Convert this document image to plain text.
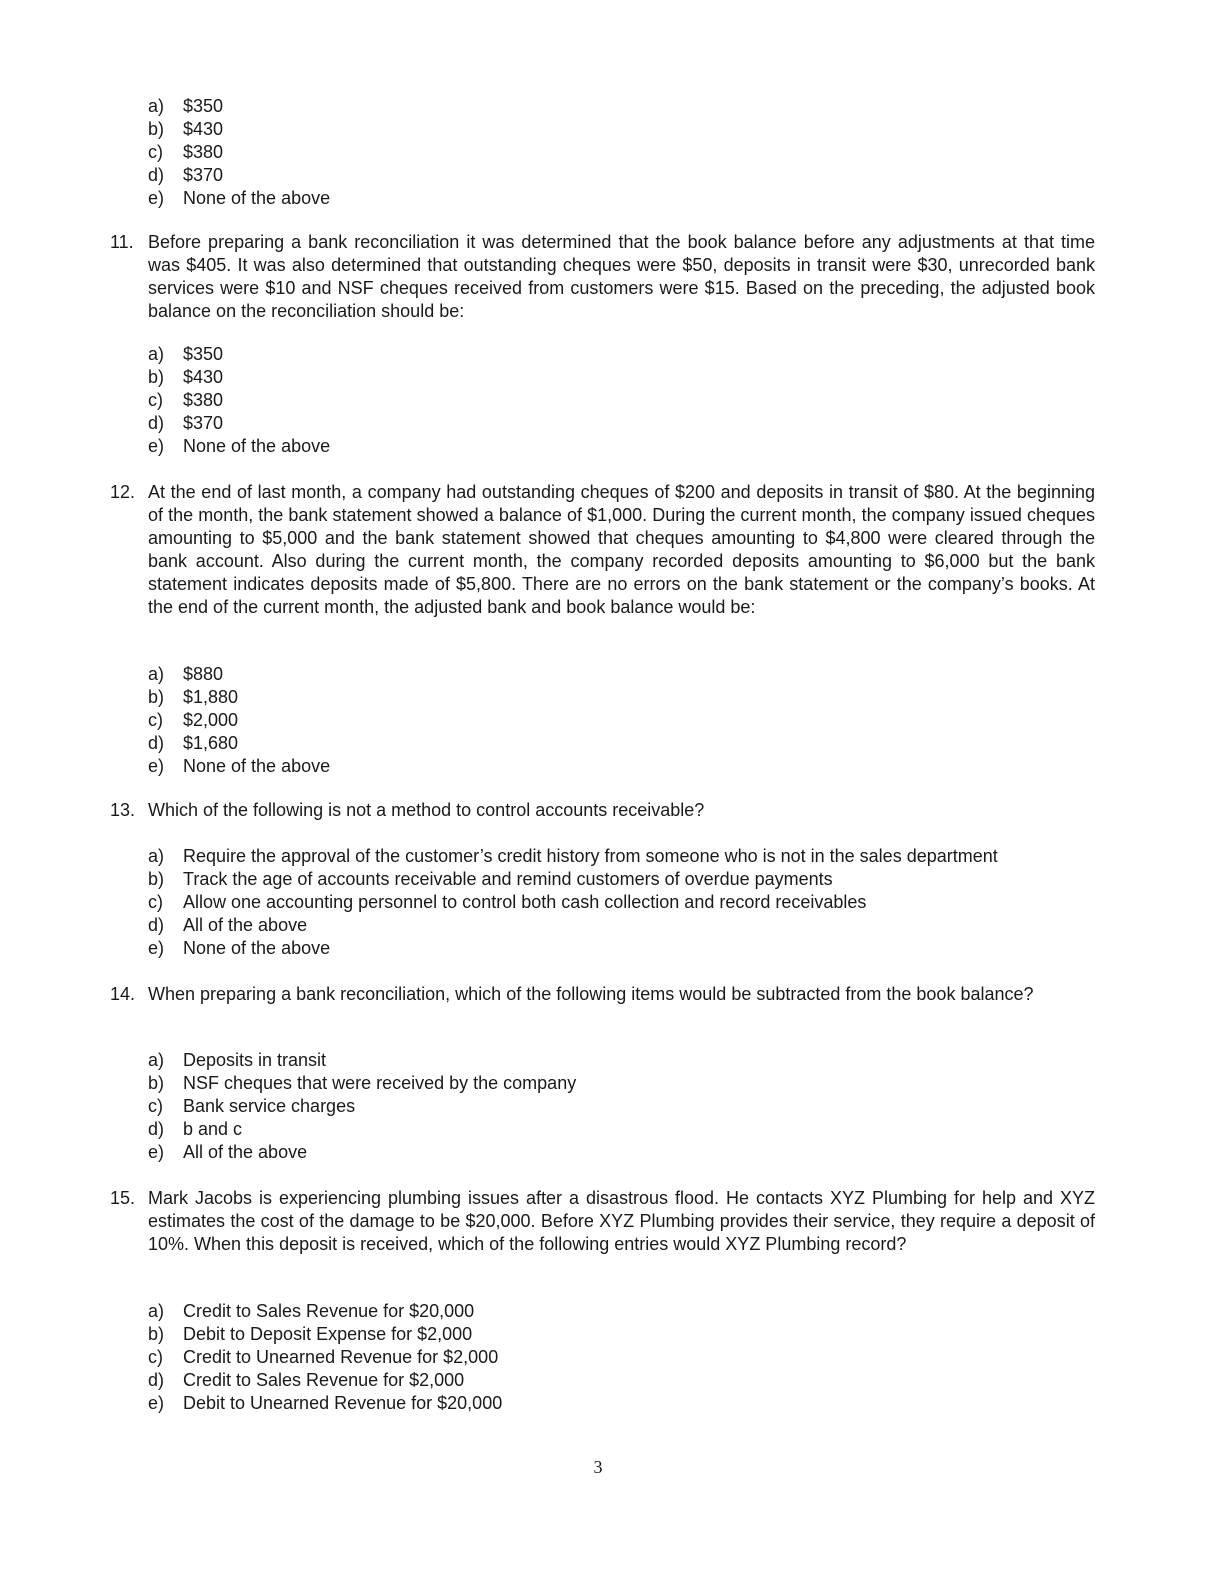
a)	$350
b)	$430
c)	$380
d)	$370
e)	None of the above
11. Before preparing a bank reconciliation it was determined that the book balance before any adjustments at that time was $405. It was also determined that outstanding cheques were $50, deposits in transit were $30, unrecorded bank services were $10 and NSF cheques received from customers were $15. Based on the preceding, the adjusted book balance on the reconciliation should be:
a)	$350
b)	$430
c)	$380
d)	$370
e)	None of the above
12. At the end of last month, a company had outstanding cheques of $200 and deposits in transit of $80. At the beginning of the month, the bank statement showed a balance of $1,000. During the current month, the company issued cheques amounting to $5,000 and the bank statement showed that cheques amounting to $4,800 were cleared through the bank account. Also during the current month, the company recorded deposits amounting to $6,000 but the bank statement indicates deposits made of $5,800. There are no errors on the bank statement or the company’s books. At the end of the current month, the adjusted bank and book balance would be:
a)	$880
b)	$1,880
c)	$2,000
d)	$1,680
e)	None of the above
13. Which of the following is not a method to control accounts receivable?
a)	Require the approval of the customer’s credit history from someone who is not in the sales department
b)	Track the age of accounts receivable and remind customers of overdue payments
c)	Allow one accounting personnel to control both cash collection and record receivables
d)	All of the above
e)	None of the above
14. When preparing a bank reconciliation, which of the following items would be subtracted from the book balance?
a)	Deposits in transit
b)	NSF cheques that were received by the company
c)	Bank service charges
d)	b and c
e)	All of the above
15. Mark Jacobs is experiencing plumbing issues after a disastrous flood. He contacts XYZ Plumbing for help and XYZ estimates the cost of the damage to be $20,000. Before XYZ Plumbing provides their service, they require a deposit of 10%. When this deposit is received, which of the following entries would XYZ Plumbing record?
a)	Credit to Sales Revenue for $20,000
b)	Debit to Deposit Expense for $2,000
c)	Credit to Unearned Revenue for $2,000
d)	Credit to Sales Revenue for $2,000
e)	Debit to Unearned Revenue for $20,000
3
